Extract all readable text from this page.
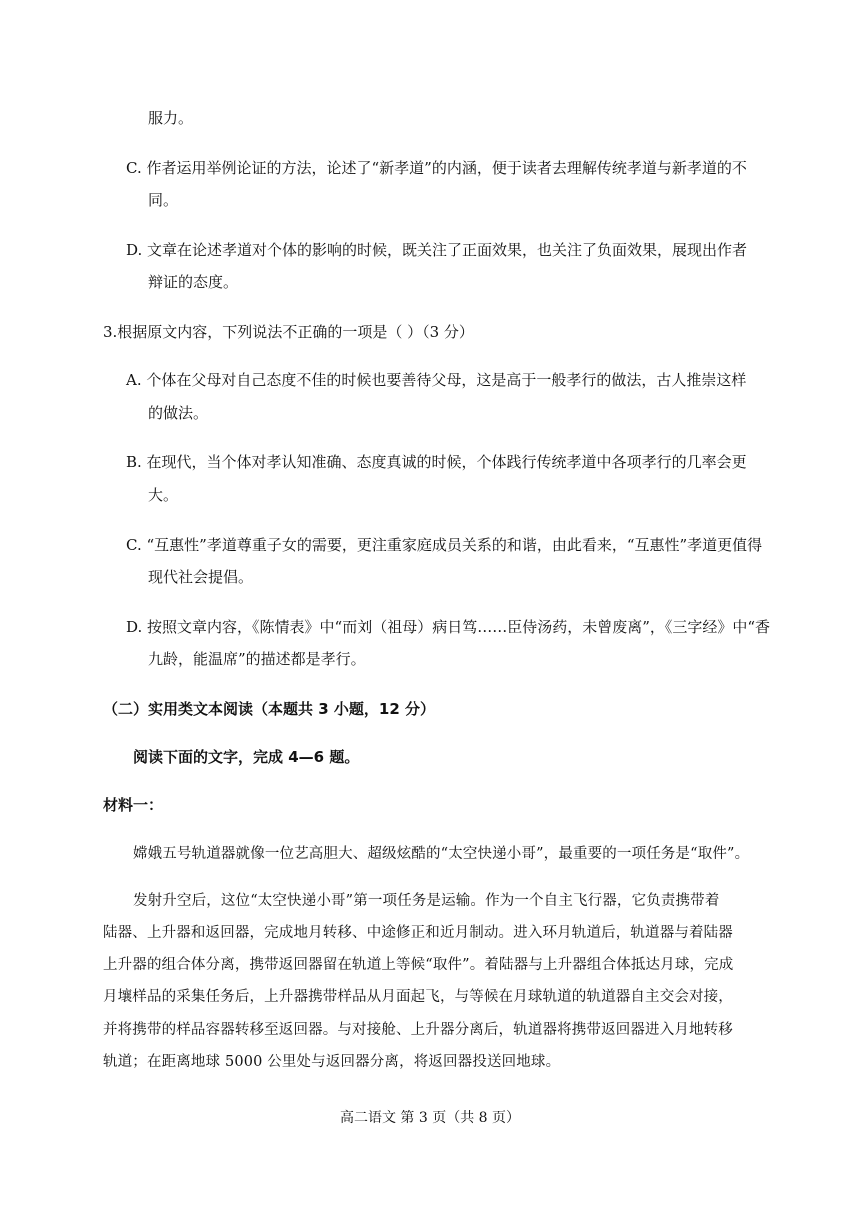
服力。
C. 作者运用举例论证的方法，论述了“新孝道”的内涵，便于读者去理解传统孝道与新孝道的不
同。
D. 文章在论述孝道对个体的影响的时候，既关注了正面效果，也关注了负面效果，展现出作者
辩证的态度。
3.根据原文内容，下列说法不正确的一项是（ ）（3 分）
A. 个体在父母对自己态度不佳的时候也要善待父母，这是高于一般孝行的做法，古人推崇这样
的做法。
B. 在现代，当个体对孝认知准确、态度真诚的时候，个体践行传统孝道中各项孝行的几率会更
大。
C. “互惠性”孝道尊重子女的需要，更注重家庭成员关系的和谐，由此看来，“互惠性”孝道更值得
现代社会提倡。
D. 按照文章内容，《陈情表》中“而刘（祖母）病日笃……臣侍汤药，未曾废离”，《三字经》中“香
九龄，能温席”的描述都是孝行。
（二）实用类文本阅读（本题共 3 小题，12 分）
阅读下面的文字，完成 4—6 题。
材料一：
嫦娥五号轨道器就像一位艺高胆大、超级炫酷的“太空快递小哥”，最重要的一项任务是“取件”。
发射升空后，这位“太空快递小哥”第一项任务是运输。作为一个自主飞行器，它负责携带着
陆器、上升器和返回器，完成地月转移、中途修正和近月制动。进入环月轨道后，轨道器与着陆器
上升器的组合体分离，携带返回器留在轨道上等候“取件”。着陆器与上升器组合体抵达月球，完成
月壤样品的采集任务后，上升器携带样品从月面起飞，与等候在月球轨道的轨道器自主交会对接，
并将携带的样品容器转移至返回器。与对接舱、上升器分离后，轨道器将携带返回器进入月地转移
轨道；在距离地球 5000 公里处与返回器分离，将返回器投送回地球。
高二语文 第 3 页（共 8 页）
